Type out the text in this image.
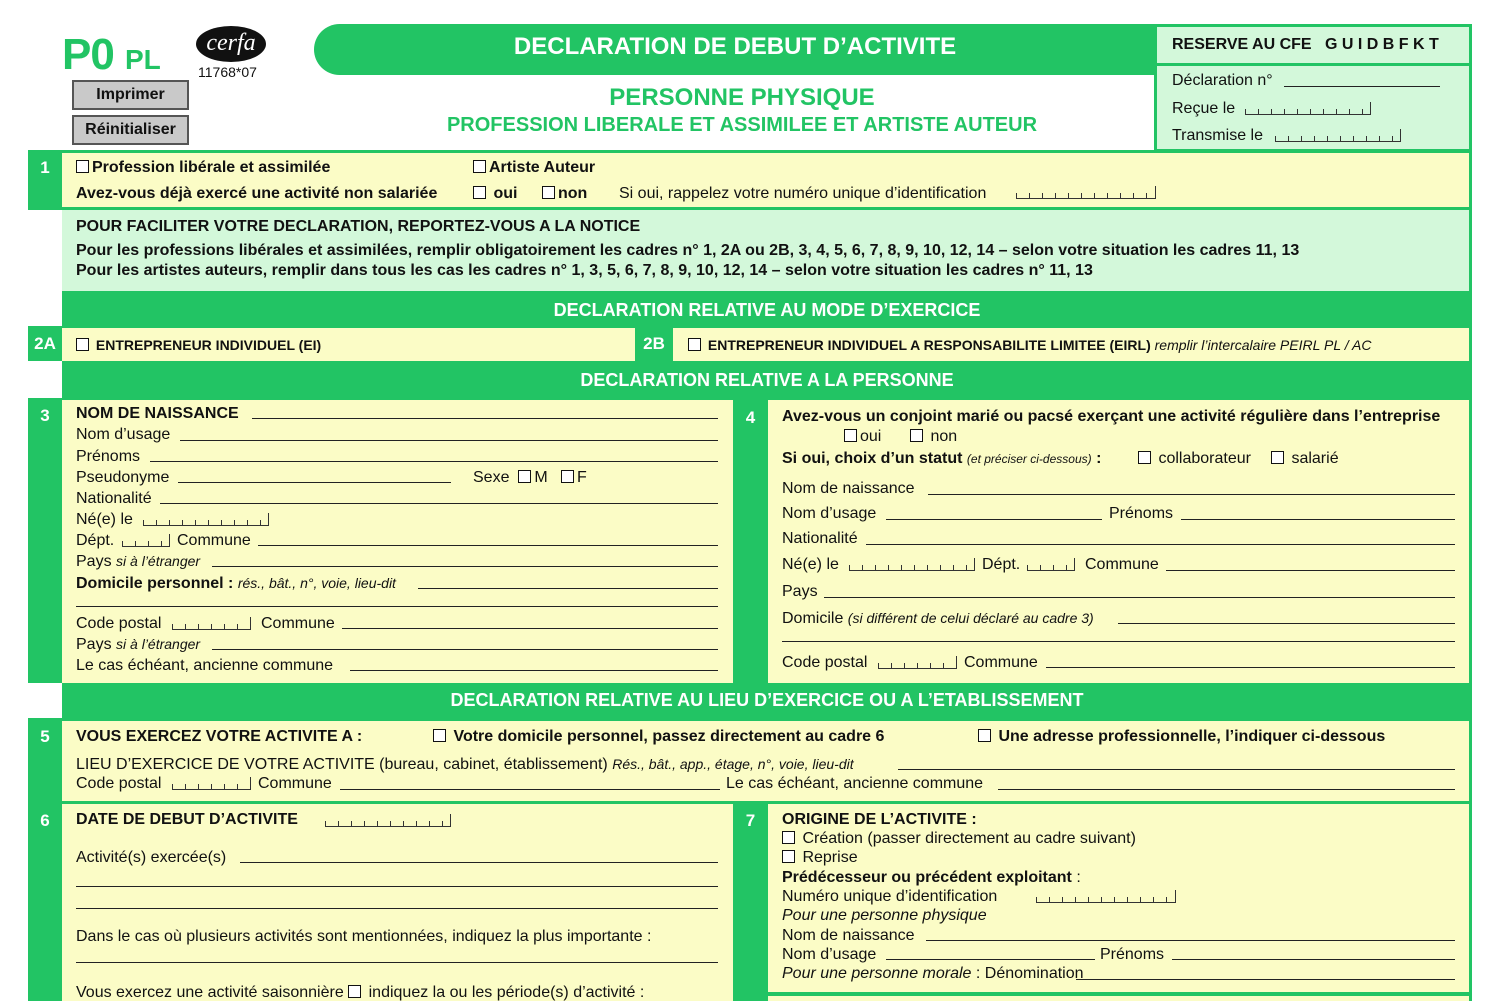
P0 PL
cerfa
11768*07
Imprimer
Réinitialiser
DECLARATION DE DEBUT D’ACTIVITE
PERSONNE PHYSIQUE
PROFESSION LIBERALE ET ASSIMILEE ET ARTISTE AUTEUR
RESERVE AU CFE G U I D B F K T
Déclaration n°
Reçue le
Transmise le
1	Profession libérale et assimilée	Artiste Auteur
Avez-vous déjà exercé une activité non salariée	oui	non Si oui, rappelez votre numéro unique d’identification
POUR FACILITER VOTRE DECLARATION, REPORTEZ-VOUS A LA NOTICE
Pour les professions libérales et assimilées, remplir obligatoirement les cadres n° 1, 2A ou 2B, 3, 4, 5, 6, 7, 8, 9, 10, 12, 14 – selon votre situation les cadres 11, 13
Pour les artistes auteurs, remplir dans tous les cas les cadres n° 1, 3, 5, 6, 7, 8, 9, 10, 12, 14 – selon votre situation les cadres n° 11, 13
DECLARATION RELATIVE AU MODE D’EXERCICE
2A	2B
ENTREPRENEUR INDIVIDUEL (EI)	ENTREPRENEUR INDIVIDUEL A RESPONSABILITE LIMITEE (EIRL) remplir l’intercalaire PEIRL PL / AC
DECLARATION RELATIVE A LA PERSONNE
3	NOM DE NAISSANCE
Nom d’usage
Prénoms
Pseudonyme	Sexe M F
Nationalité
Né(e) le
Dépt.	Commune
Pays si à l’étranger
Domicile personnel : rés., bât., n°, voie, lieu-dit
Code postal	Commune
Pays si à l’étranger
Le cas échéant, ancienne commune
4	Avez-vous un conjoint marié ou pacsé exerçant une activité régulière dans l’entreprise
oui	non
Si oui, choix d’un statut (et préciser ci-dessous) :	collaborateur	salarié
Nom de naissance
Nom d’usage	Prénoms
Nationalité
Né(e) le	Dépt.	Commune
Pays
Domicile (si différent de celui déclaré au cadre 3)
Code postal	Commune
DECLARATION RELATIVE AU LIEU D’EXERCICE OU A L’ETABLISSEMENT
5	VOUS EXERCEZ VOTRE ACTIVITE A :	Votre domicile personnel, passez directement au cadre 6	Une adresse professionnelle, l’indiquer ci-dessous
LIEU D’EXERCICE DE VOTRE ACTIVITE (bureau, cabinet, établissement) Rés., bât., app., étage, n°, voie, lieu-dit
Code postal	Commune	Le cas échéant, ancienne commune
6	DATE DE DEBUT D’ACTIVITE
Activité(s) exercée(s)
Dans le cas où plusieurs activités sont mentionnées, indiquez la plus importante :
Vous exercez une activité saisonnière indiquez la ou les période(s) d’activité :
7	ORIGINE DE L’ACTIVITE :
Création (passer directement au cadre suivant)
Reprise
Prédécesseur ou précédent exploitant :
Numéro unique d’identification
Pour une personne physique
Nom de naissance
Nom d’usage	Prénoms
Pour une personne morale : Dénomination
